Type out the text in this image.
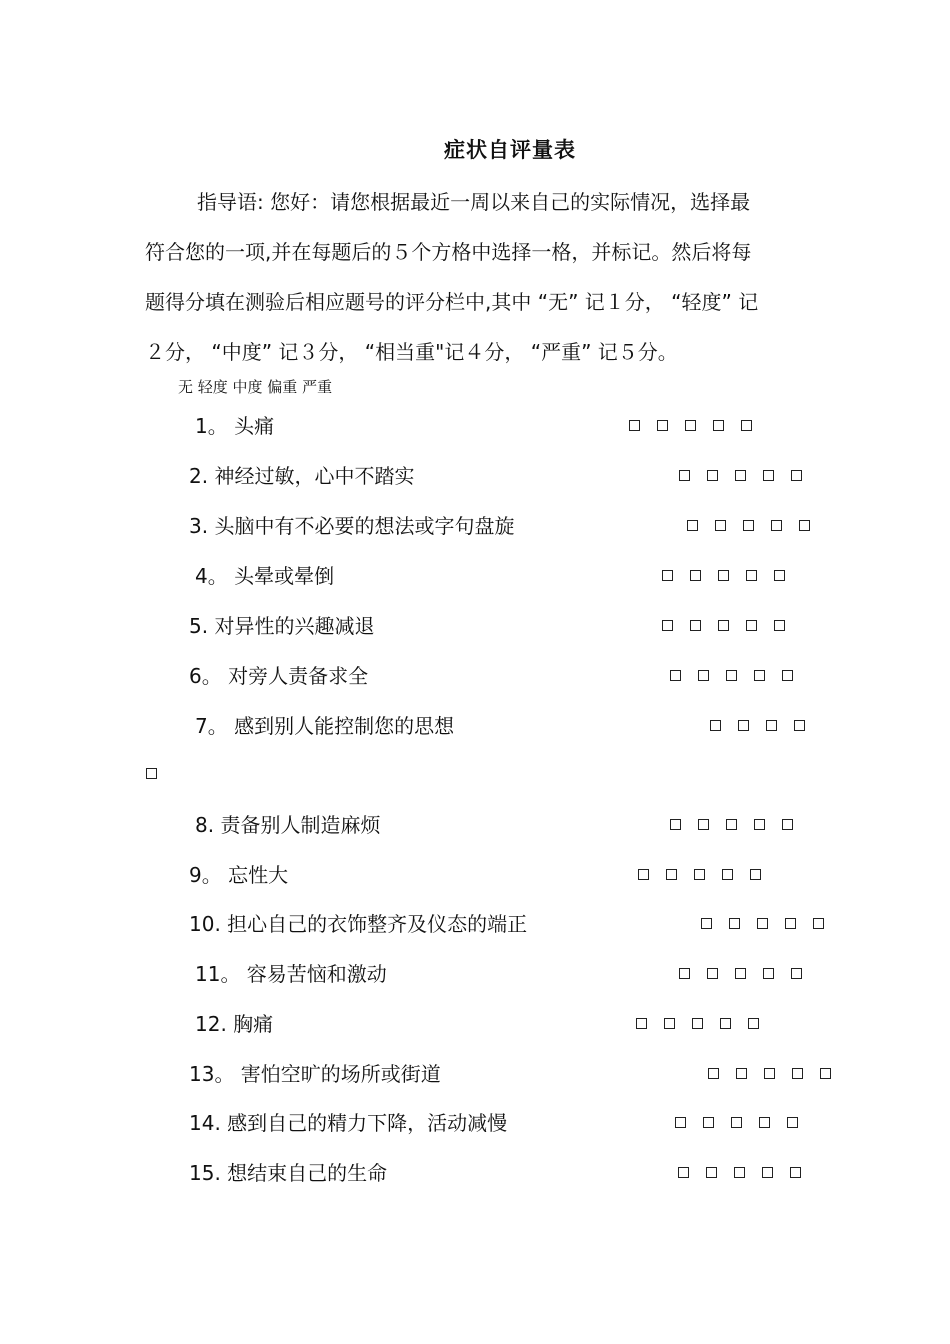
症状自评量表
指导语: 您好：请您根据最近一周以来自己的实际情况，选择最
符合您的一项,并在每题后的５个方格中选择一格，并标记。然后将每
题得分填在测验后相应题号的评分栏中,其中 “无” 记１分， “轻度” 记
２分， “中度” 记３分， “相当重"记４分， “严重” 记５分。
无 轻度 中度 偏重 严重
1。 头痛
2. 神经过敏，心中不踏实
3. 头脑中有不必要的想法或字句盘旋
4。 头晕或晕倒
5. 对异性的兴趣减退
6。 对旁人责备求全
7。 感到别人能控制您的思想
8. 责备别人制造麻烦
9。 忘性大
10. 担心自己的衣饰整齐及仪态的端正
11。 容易苦恼和激动
12. 胸痛
13。 害怕空旷的场所或街道
14. 感到自己的精力下降，活动减慢
15. 想结束自己的生命
